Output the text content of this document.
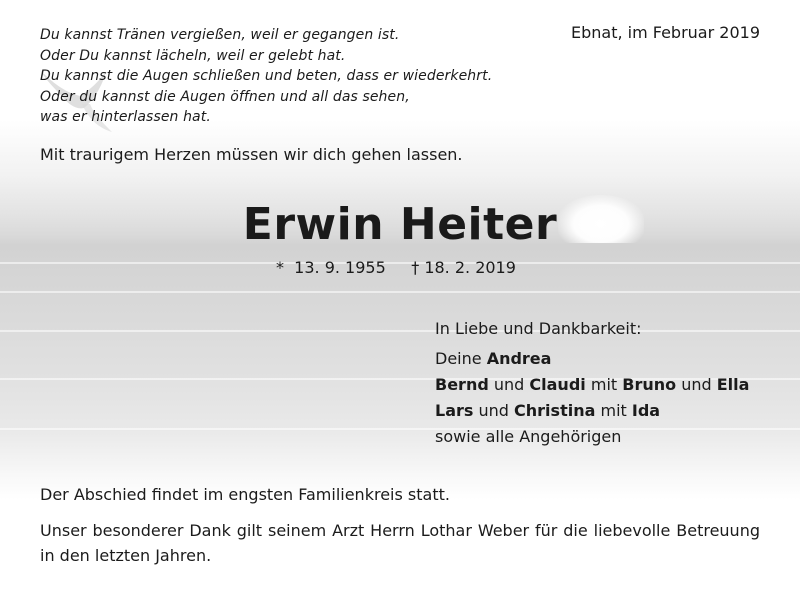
Du kannst Tränen vergießen, weil er gegangen ist.
Oder Du kannst lächeln, weil er gelebt hat.
Du kannst die Augen schließen und beten, dass er wiederkehrt.
Oder du kannst die Augen öffnen und all das sehen,
was er hinterlassen hat.
Ebnat, im Februar 2019
Mit traurigem Herzen müssen wir dich gehen lassen.
Erwin Heiter
* 13. 9. 1955 † 18. 2. 2019
In Liebe und Dankbarkeit:
Deine Andrea
Bernd und Claudi mit Bruno und Ella
Lars und Christina mit Ida
sowie alle Angehörigen
Der Abschied findet im engsten Familienkreis statt.
Unser besonderer Dank gilt seinem Arzt Herrn Lothar Weber für die liebevolle Betreuung in den letzten Jahren.
